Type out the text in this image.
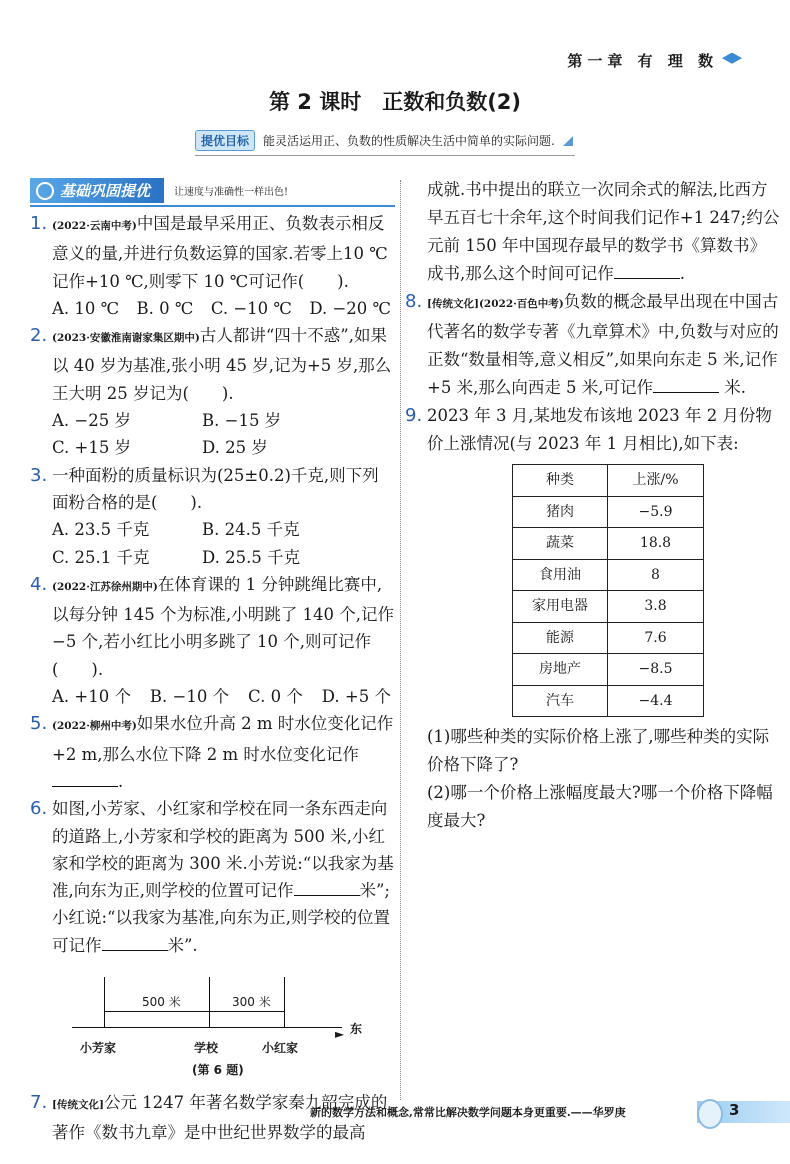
第一章 有 理 数
第 2 课时　正数和负数(2)
提优目标	能灵活运用正、负数的性质解决生活中简单的实际问题.
基础巩固提优	让速度与准确性一样出色!
1. (2022·云南中考)中国是最早采用正、负数表示相反意义的量,并进行负数运算的国家.若零上10 ℃记作+10 ℃,则零下 10 ℃可记作(　　).
A. 10 ℃ B. 0 ℃ C. −10 ℃ D. −20 ℃
2. (2023·安徽淮南谢家集区期中)古人都讲“四十不惑”,如果以 40 岁为基准,张小明 45 岁,记为+5 岁,那么王大明 25 岁记为(　　).
A. −25 岁	B. −15 岁
C. +15 岁	D. 25 岁
3. 一种面粉的质量标识为(25±0.2)千克,则下列面粉合格的是(　　).
A. 23.5 千克	B. 24.5 千克
C. 25.1 千克	D. 25.5 千克
4. (2022·江苏徐州期中)在体育课的 1 分钟跳绳比赛中,以每分钟 145 个为标准,小明跳了 140 个,记作−5 个,若小红比小明多跳了 10 个,则可记作(　　).
A. +10 个 B. −10 个 C. 0 个 D. +5 个
5. (2022·柳州中考)如果水位升高 2 m 时水位变化记作+2 m,那么水位下降 2 m 时水位变化记作.
6. 如图,小芳家、小红家和学校在同一条东西走向的道路上,小芳家和学校的距离为 500 米,小红家和学校的距离为 300 米.小芳说:“以我家为基准,向东为正,则学校的位置可记作	米”;小红说:“以我家为基准,向东为正,则学校的位置可记作	米”.
► 东
500 米	300 米
小芳家	学校	小红家
(第 6 题)
7. [传统文化]公元 1247 年著名数学家秦九韶完成的著作《数书九章》是中世纪世界数学的最高
成就.书中提出的联立一次同余式的解法,比西方早五百七十余年,这个时间我们记作+1 247;约公元前 150 年中国现存最早的数学书《算数书》成书,那么这个时间可记作	.
8. [传统文化](2022·百色中考)负数的概念最早出现在中国古代著名的数学专著《九章算术》中,负数与对应的正数“数量相等,意义相反”,如果向东走 5 米,记作+5 米,那么向西走 5 米,可记作	米.
9. 2023 年 3 月,某地发布该地 2023 年 2 月份物价上涨情况(与 2023 年 1 月相比),如下表:
种类	上涨/%
猪肉	−5.9
蔬菜	18.8
食用油	8
家用电器	3.8
能源	7.6
房地产	−8.5
汽车	−4.4
(1)哪些种类的实际价格上涨了,哪些种类的实际价格下降了?
(2)哪一个价格上涨幅度最大?哪一个价格下降幅度最大?
新的数学方法和概念,常常比解决数学问题本身更重要.——华罗庚	3
